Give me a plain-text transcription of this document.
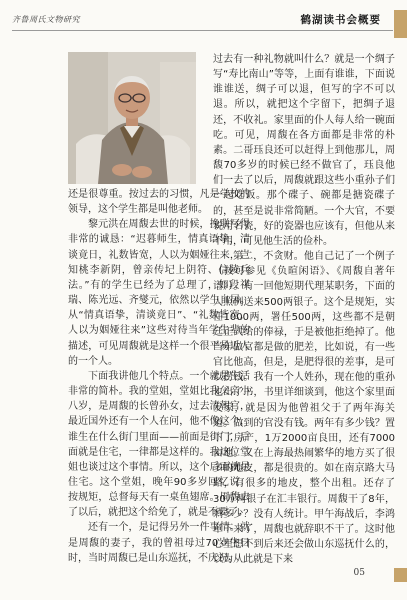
齐鲁周氏文物研究	鹤湖读书会概要

还是很尊重。按过去的习惯，凡是学校的领导，这个学生都是叫他老师。

黎元洪在周馥去世的时候，挽联写得非常的诚恳：“迟暮师生，情真语挚，清谈竟日，礼数皆宽，人以为姻娅往来，岂知桃李新阴，曾亲传圮上阴符、信陵兵法。”有的学生已经为了总理了，如段祺瑞、陈光远、齐燮元，依然以学生自居。从“情真语挚，清谈竟日”、“礼数皆宽，人以为姻娅往来”这些对待当年学生辈的描述，可见周馥就是这样一个很平易近人的一个人。

下面我讲他几个特点。一个就是生活非常的简朴。我的堂姐，堂姐比我父亲小八岁，是周馥的长曾孙女，过去清朝官，最近国外还有一个人在问，他不像这个，谁生在什么街门里面——前面是街门，后面就是住宅，一律都是这样的。我这位堂姐也谈过这个事情。所以，这个后面就是住宅。这个堂姐，晚年90多岁回忆说：按规矩，总督每天有一桌鱼翅席。周馥去了以后，就把这个给免了，就是不要了。

还有一个，是记得另外一件事情。就是周馥的妻子，我的曾祖母过70岁生日时，当时周馥已是山东巡抚，不庆祝。

过去有一种礼物就叫什么？就是一个绸子写“寿比南山”等等，上面有谁谁，下面说谁谁送，绸子可以退，但写的字不可以退。所以，就把这个字留下，把绸子退还，不收礼。家里面的仆人每人给一碗面吃。可见，周馥在各方面都是非常的朴素。二哥珏良还可以赶得上到他那儿，周馥70多岁的时候已经不做官了，珏良他们一去了以后，周馥就跟这些小重孙子们一起吃饭。那个碟子、碗都是搪瓷碟子的，甚至是说非常简陋。一个大官，不要说用名瓷，好的瓷器也应该有，但他从来不用，可见他生活的俭朴。

第二，不贪财。他自己记了一个例子（按可参见《负暄闲语》、《周馥自著年谱》）。有一回他短期代理某职务，下面的人照例送来500两银子。这个是规矩，实任1000两，署任500两，这些都不是朝廷正式给的俸禄，于是被他拒绝掉了。他当年做官都是做的肥差，比如说，有一些官比他高，但是，是肥得很的差事，是可以捞钱。我有一个人姓孙，现在他的重孙也出了书，书里详细谈到，他这个家里面发家，就是因为他曾祖父于了两年海关道。做到的官没有钱。两年有多少钱？置下了房产，1万2000亩良田，还有7000亩地。又在上海最热闹繁华的地方买了很多的地皮，都是很贵的。如在南京路大马路，有很多的地皮，整个出租。还存了30万两银子在汇丰银行。周馥干了8年，剩多少？没有人统计。甲午海战后，李鸿章下来了，周馥也就辞职不干了。这时他心里想不到后来还会做山东巡抚什么的，以为从此就是下来

05
